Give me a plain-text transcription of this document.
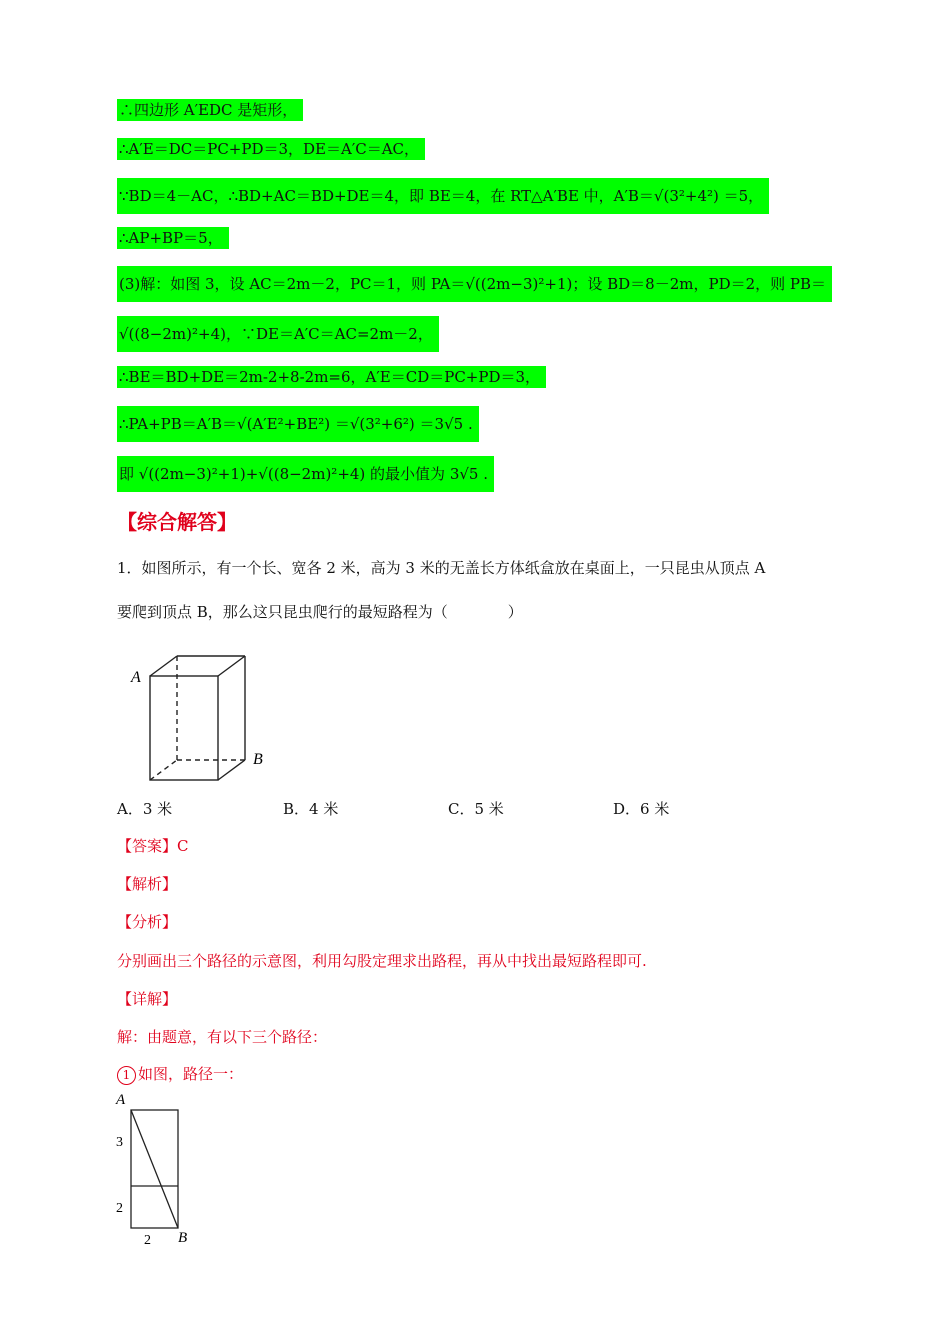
∴四边形 A′EDC 是矩形，
∴A′E＝DC＝PC+PD＝3，DE＝A′C＝AC，
∵BD＝4－AC，∴BD+AC＝BD+DE＝4，即 BE＝4，在 RT△A′BE 中，A′B＝√(3²+4²) ＝5，
∴AP+BP＝5，
(3)解：如图 3，设 AC＝2m－2，PC＝1，则 PA＝√((2m−3)²+1)；设 BD＝8－2m，PD＝2，则 PB＝
√((8−2m)²+4)，∵DE＝A′C＝AC=2m－2，
∴BE＝BD+DE＝2m-2+8-2m=6，A′E＝CD＝PC+PD＝3，
∴PA+PB＝A′B＝√(A′E²+BE²) ＝√(3²+6²) ＝3√5 .
即 √((2m−3)²+1)+√((8−2m)²+4) 的最小值为 3√5 .
【综合解答】
1．如图所示，有一个长、宽各 2 米，高为 3 米的无盖长方体纸盒放在桌面上，一只昆虫从顶点 A
要爬到顶点 B，那么这只昆虫爬行的最短路程为（　　　　）
A
B
A．3 米	B．4 米	C．5 米	D．6 米
【答案】C
【解析】
【分析】
分别画出三个路径的示意图，利用勾股定理求出路程，再从中找出最短路程即可.
【详解】
解：由题意，有以下三个路径：
1 如图，路径一：
A
3
2
2 B
